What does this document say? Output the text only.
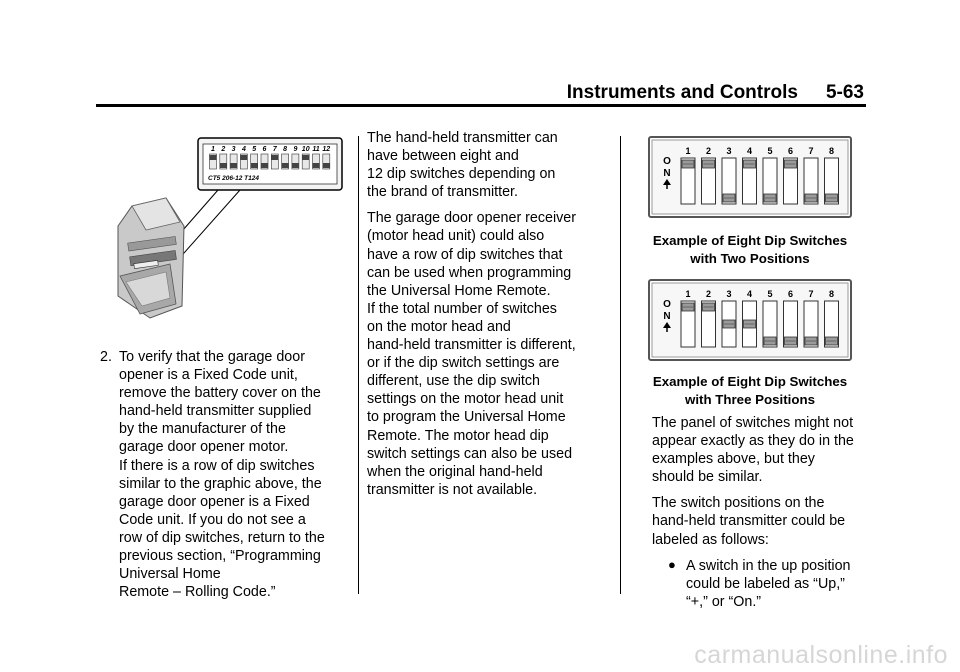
Instruments and Controls 5-63
1 2 3 4 5 6 7 8 9 10 11 12
CT5 206-12 T124
2. To verify that the garage door
opener is a Fixed Code unit,
remove the battery cover on the
hand-held transmitter supplied
by the manufacturer of the
garage door opener motor.
If there is a row of dip switches
similar to the graphic above, the
garage door opener is a Fixed
Code unit. If you do not see a
row of dip switches, return to the
previous section, “Programming
Universal Home
Remote – Rolling Code.”

The hand-held transmitter can
have between eight and
12 dip switches depending on
the brand of transmitter.

The garage door opener receiver
(motor head unit) could also
have a row of dip switches that
can be used when programming
the Universal Home Remote.

If the total number of switches
on the motor head and
hand-held transmitter is different,
or if the dip switch settings are
different, use the dip switch
settings on the motor head unit
to program the Universal Home
Remote. The motor head dip
switch settings can also be used
when the original hand-held
transmitter is not available.

O
N
1 2 3 4 5 6 7 8
Example of Eight Dip Switches
with Two Positions
O
N
1 2 3 4 5 6 7 8
Example of Eight Dip Switches
with Three Positions

The panel of switches might not
appear exactly as they do in the
examples above, but they
should be similar.

The switch positions on the
hand-held transmitter could be
labeled as follows:

● A switch in the up position
could be labeled as “Up,”
“+,” or “On.”
carmanualsonline.info
